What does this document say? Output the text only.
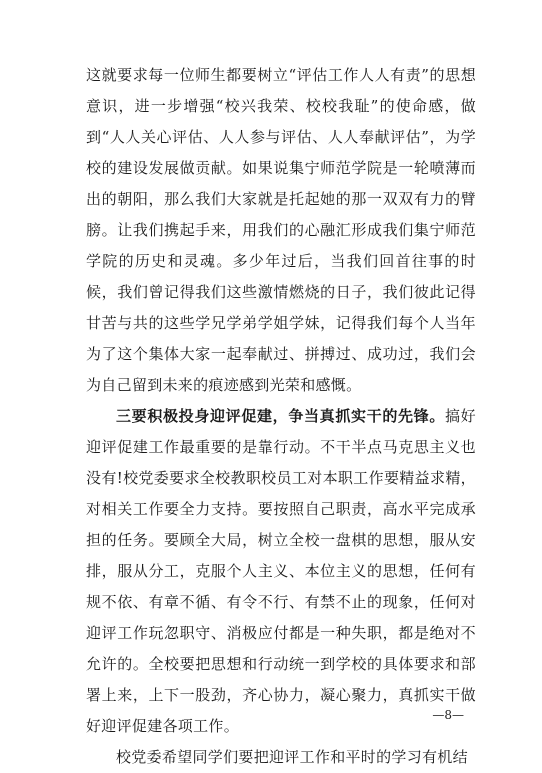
这就要求每一位师生都要树立“评估工作人人有责”的思想意识，进一步增强“校兴我荣、校校我耻”的使命感，做到“人人关心评估、人人参与评估、人人奉献评估”，为学校的建设发展做贡献。如果说集宁师范学院是一轮喷薄而出的朝阳，那么我们大家就是托起她的那一双双有力的臂膀。让我们携起手来，用我们的心融汇形成我们集宁师范学院的历史和灵魂。多少年过后，当我们回首往事的时候，我们曾记得我们这些激情燃烧的日子，我们彼此记得甘苦与共的这些学兄学弟学姐学妹，记得我们每个人当年为了这个集体大家一起奉献过、拼搏过、成功过，我们会为自己留到未来的痕迹感到光荣和感慨。

三要积极投身迎评促建，争当真抓实干的先锋。搞好迎评促建工作最重要的是靠行动。不干半点马克思主义也没有!校党委要求全校教职校员工对本职工作要精益求精，对相关工作要全力支持。要按照自己职责，高水平完成承担的任务。要顾全大局，树立全校一盘棋的思想，服从安排，服从分工，克服个人主义、本位主义的思想，任何有规不依、有章不循、有令不行、有禁不止的现象，任何对迎评工作玩忽职守、消极应付都是一种失职，都是绝对不允许的。全校要把思想和行动统一到学校的具体要求和部署上来，上下一股劲，齐心协力，凝心聚力，真抓实干做好迎评促建各项工作。

校党委希望同学们要把迎评工作和平时的学习有机结

—8—
